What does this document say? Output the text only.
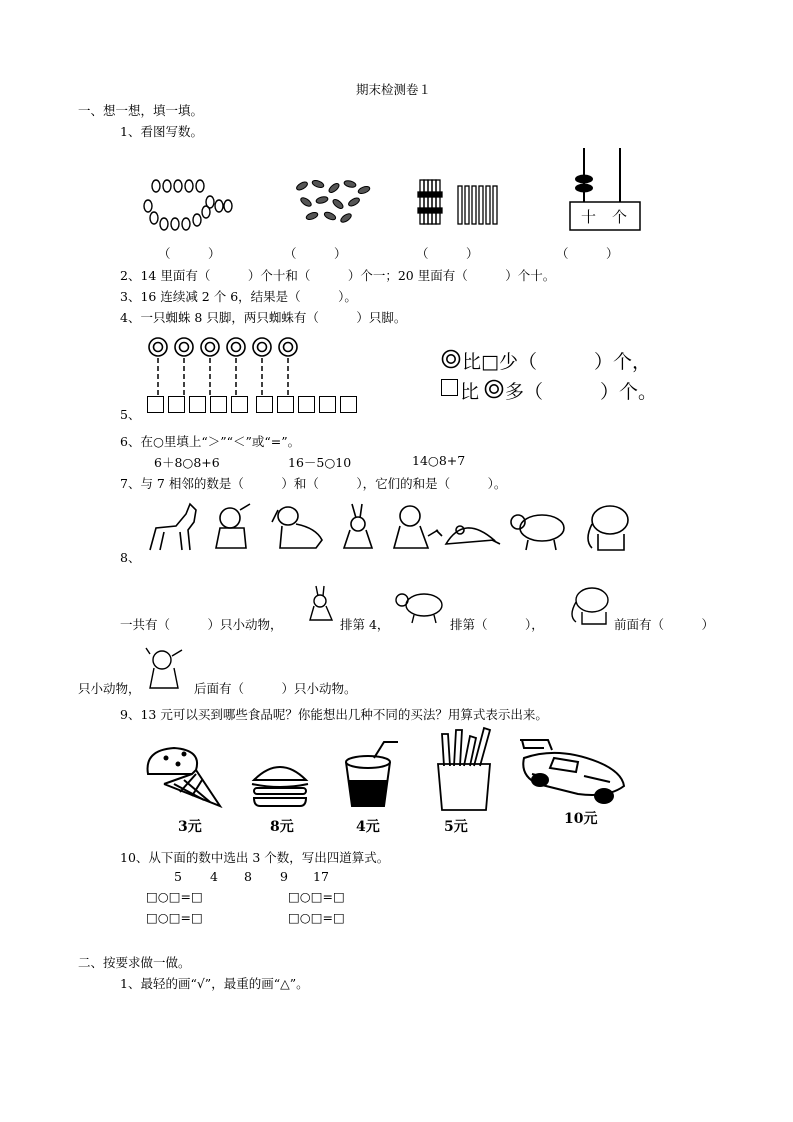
期末检测卷１
一、想一想，填一填。
1、看图写数。
十 个
（　　　）	（　　　）	（　　　）	（　　　）
2、14 里面有（　　　）个十和（　　　）个一；20 里面有（　　　）个十。
3、16 连续减 2 个 6，结果是（　　　）。
4、一只蜘蛛 8 只脚，两只蜘蛛有（　　　）只脚。
5、

比□少（　　　）个，
比 多（　　　）个。
6、在○里填上“＞”“＜”或“=”。
6＋8○8+6	16－5○10	14○8+7
7、与 7 相邻的数是（　　　）和（　　　），它们的和是（　　　）。
8、
一共有（　　　）只小动物，	排第 4，	排第（　　　），	前面有（　　　）
只小动物，	后面有（　　　）只小动物。
9、13 元可以买到哪些食品呢？你能想出几种不同的买法？用算式表示出来。
3元	8元	4元	5元	10元
10、从下面的数中选出 3 个数，写出四道算式。
5 4 8 9 17
□○□=□	□○□=□
□○□=□	□○□=□
二、按要求做一做。
1、最轻的画“√”，最重的画“△”。
